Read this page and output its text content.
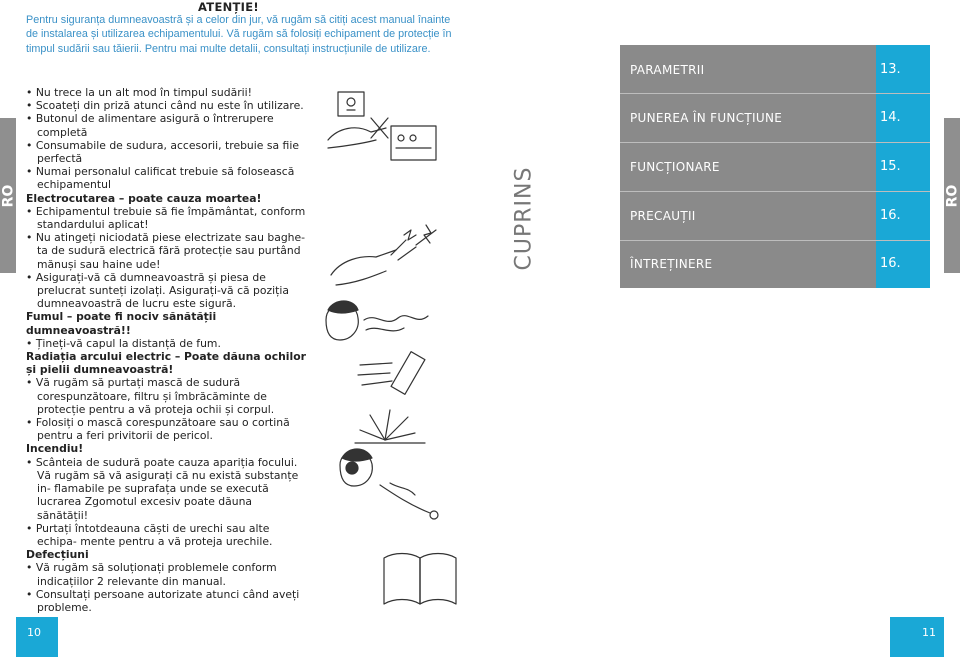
RO	RO
ATENȚIE!
Pentru siguranța dumneavoastră și a celor din jur, vă rugăm să citiți acest manual înainte de instalarea și utilizarea echipamentului. Vă rugăm să folosiți echipament de protecție în timpul sudării sau tăierii. Pentru mai multe detalii, consultați instrucțiunile de utilizare.

• Nu trece la un alt mod în timpul sudării!

• Scoateți din priză atunci când nu este în utilizare.

• Butonul de alimentare asigură o întrerupere completă

• Consumabile de sudura, accesorii, trebuie sa fiie perfectă

• Numai personalul calificat trebuie să folosească echipamentul

Electrocutarea – poate cauza moartea!

• Echipamentul trebuie să fie împământat, conform standardului aplicat!

• Nu atingeți niciodată piese electrizate sau baghe- ta de sudură electrică fără protecție sau purtând mănuși sau haine ude!

• Asigurați-vă că dumneavoastră și piesa de prelucrat sunteți izolați. Asigurați-vă că poziția dumneavoastră de lucru este sigură.

Fumul – poate fi nociv sănătății dumneavoastră!!

• Țineți-vă capul la distanță de fum.

Radiația arcului electric – Poate dăuna ochilor și pielii dumneavoastră!

• Vă rugăm să purtați mască de sudură corespunzătoare, filtru și îmbrăcăminte de protecție pentru a vă proteja ochii și corpul.

• Folosiți o mască corespunzătoare sau o cortină pentru a feri privitorii de pericol.

Incendiu!

• Scânteia de sudură poate cauza apariția focului. Vă rugăm să vă asigurați că nu există substanțe in- flamabile pe suprafața unde se execută lucrarea Zgomotul excesiv poate dăuna sănătății!

• Purtați întotdeauna căști de urechi sau alte echipa- mente pentru a vă proteja urechile.

Defecțiuni

• Vă rugăm să soluționați problemele conform indicațiilor 2 relevante din manual.

• Consultați persoane autorizate atunci când aveți probleme.

CUPRINS
PARAMETRII	13.
PUNEREA ÎN FUNCȚIUNE	14.
FUNCȚIONARE	15.
PRECAUȚII	16.
ÎNTREȚINERE	16.
10	11
